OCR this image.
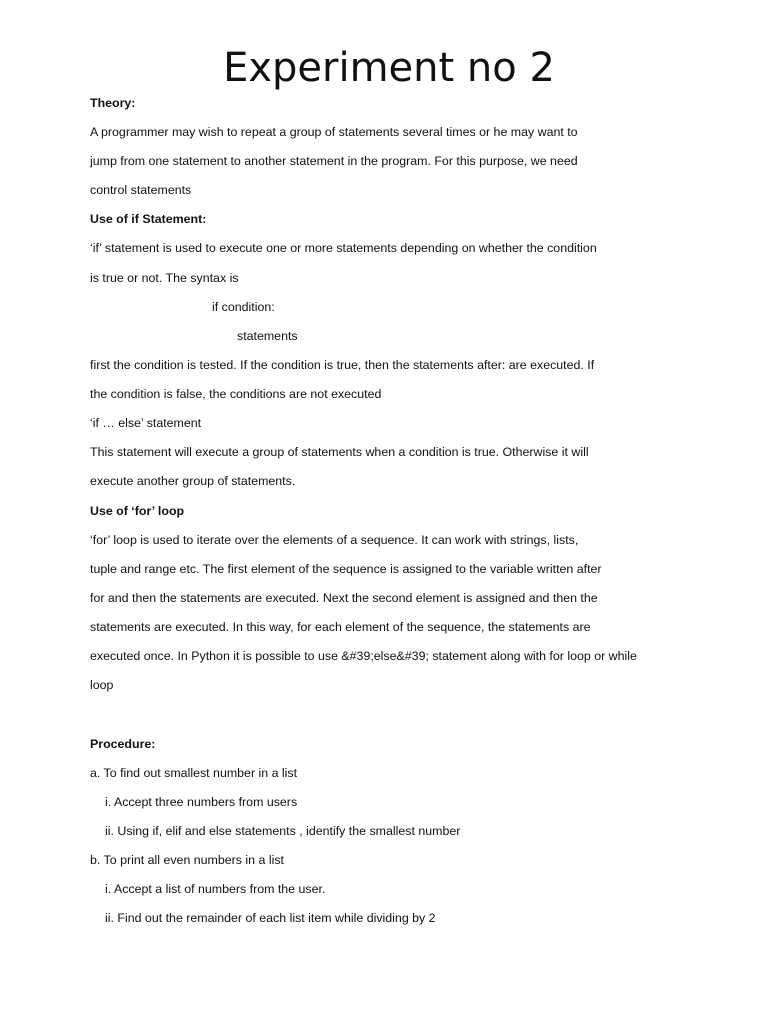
Experiment no 2

Theory:

A programmer may wish to repeat a group of statements several times or he may want to

jump from one statement to another statement in the program. For this purpose, we need

control statements

Use of if Statement:

‘if’ statement is used to execute one or more statements depending on whether the condition

is true or not. The syntax is

if condition:

statements

first the condition is tested. If the condition is true, then the statements after: are executed. If

the condition is false, the conditions are not executed

‘if … else’ statement

This statement will execute a group of statements when a condition is true. Otherwise it will

execute another group of statements.

Use of ‘for’ loop

‘for’ loop is used to iterate over the elements of a sequence. It can work with strings, lists,

tuple and range etc. The first element of the sequence is assigned to the variable written after

for and then the statements are executed. Next the second element is assigned and then the

statements are executed. In this way, for each element of the sequence, the statements are

executed once. In Python it is possible to use &#39;else&#39; statement along with for loop or while

loop

Procedure:

a. To find out smallest number in a list

i. Accept three numbers from users

ii. Using if, elif and else statements , identify the smallest number

b. To print all even numbers in a list

i. Accept a list of numbers from the user.

ii. Find out the remainder of each list item while dividing by 2
